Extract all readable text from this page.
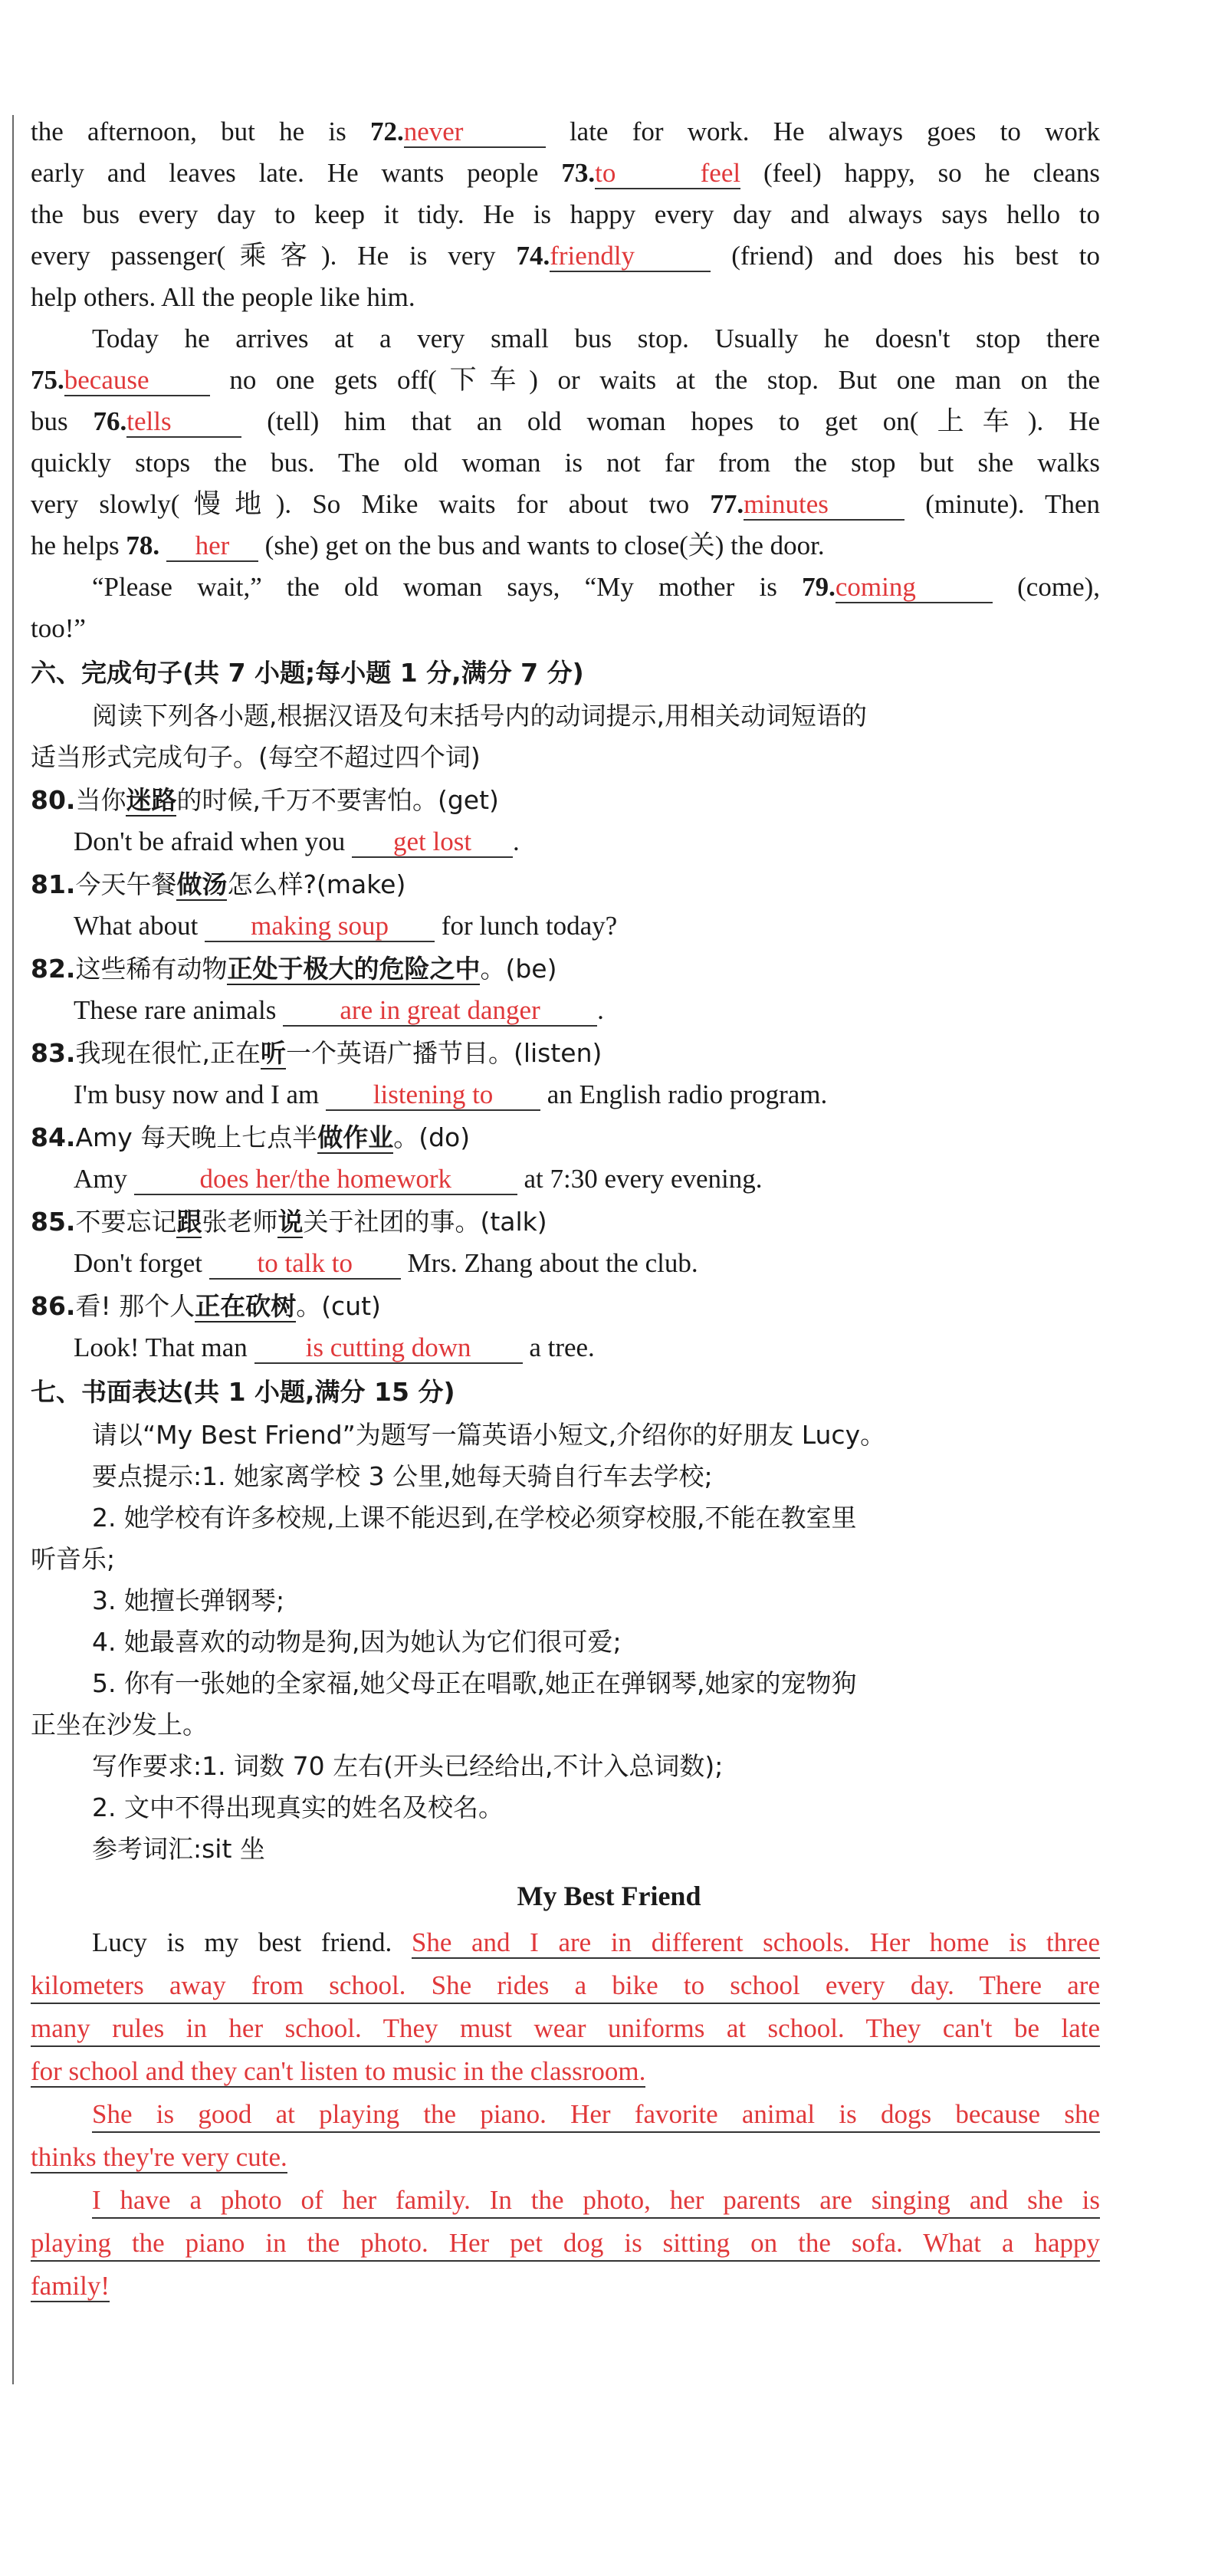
the afternoon, but he is 72.never	late for work. He always goes to work
early and leaves late. He wants people 73.to feel (feel) happy, so he cleans
the bus every day to keep it tidy. He is happy every day and always says hello to
every passenger(乘客). He is very 74.friendly	(friend) and does his best to
help others. All the people like him.
Today he arrives at a very small bus stop. Usually he doesn't stop there
75.because	no one gets off(下车) or waits at the stop. But one man on the
bus 76.tells	(tell) him that an old woman hopes to get on(上车). He
quickly stops the bus. The old woman is not far from the stop but she walks
very slowly(慢地). So Mike waits for about two 77.minutes	(minute). Then
he helps 78. her (she) get on the bus and wants to close(关) the door.
“Please wait,” the old woman says, “My mother is 79.coming	(come),
too!”
六、完成句子(共 7 小题;每小题 1 分,满分 7 分)
阅读下列各小题,根据汉语及句末括号内的动词提示,用相关动词短语的
适当形式完成句子。(每空不超过四个词)
80.当你迷路的时候,千万不要害怕。(get)
Don't be afraid when you get lost .
81.今天午餐做汤怎么样?(make)
What about making soup for lunch today?
82.这些稀有动物正处于极大的危险之中。(be)
These rare animals are in great danger .
83.我现在很忙,正在听一个英语广播节目。(listen)
I'm busy now and I am listening to an English radio program.
84.Amy 每天晚上七点半做作业。(do)
Amy	does her/the homework	at 7:30 every evening.
85.不要忘记跟张老师说关于社团的事。(talk)
Don't forget to talk to Mrs. Zhang about the club.
86.看! 那个人正在砍树。(cut)
Look! That man is cutting down a tree.
七、书面表达(共 1 小题,满分 15 分)
请以“My Best Friend”为题写一篇英语小短文,介绍你的好朋友 Lucy。
要点提示:1. 她家离学校 3 公里,她每天骑自行车去学校;
2. 她学校有许多校规,上课不能迟到,在学校必须穿校服,不能在教室里
听音乐;
3. 她擅长弹钢琴;
4. 她最喜欢的动物是狗,因为她认为它们很可爱;
5. 你有一张她的全家福,她父母正在唱歌,她正在弹钢琴,她家的宠物狗
正坐在沙发上。
写作要求:1. 词数 70 左右(开头已经给出,不计入总词数);
2. 文中不得出现真实的姓名及校名。
参考词汇:sit 坐
My Best Friend
Lucy is my best friend. She and I are in different schools. Her home is three
kilometers away from school. She rides a bike to school every day. There are
many rules in her school. They must wear uniforms at school. They can't be late
for school and they can't listen to music in the classroom.
She is good at playing the piano. Her favorite animal is dogs because she
thinks they're very cute.
I have a photo of her family. In the photo, her parents are singing and she is
playing the piano in the photo. Her pet dog is sitting on the sofa. What a happy
family!
